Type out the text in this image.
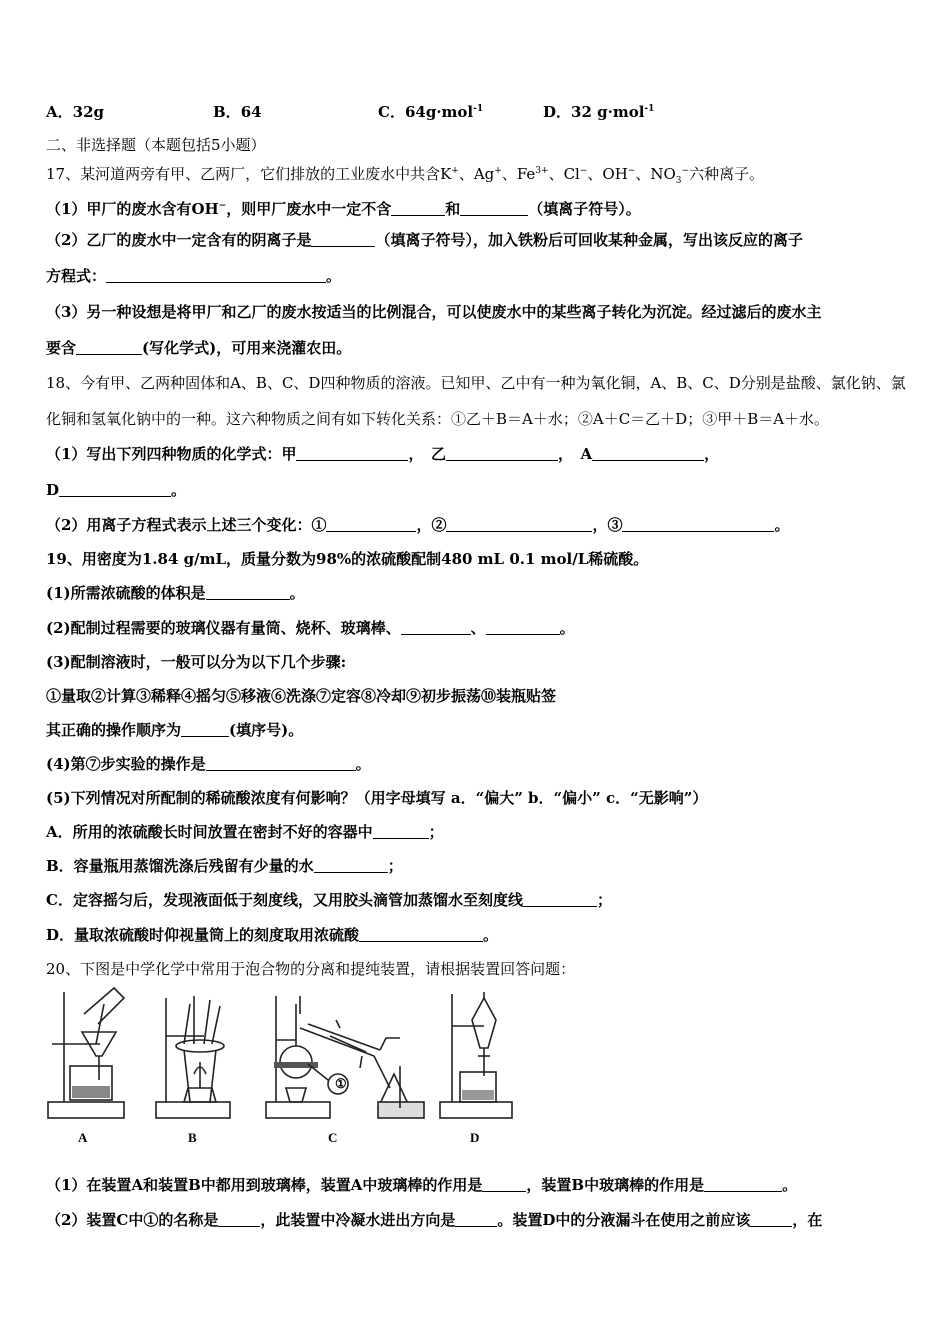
A．32g	B．64	C．64g·mol$^{-1}$	D．32 g·mol$^{-1}$
二、非选择题（本题包括5小题）
17、某河道两旁有甲、乙两厂，它们排放的工业废水中共含K+、Ag+、$Fe^{3+}$、Cl−、OH−、$NO_3^-$六种离子。
（1）甲厂的废水含有OH−，则甲厂废水中一定不含	和	（填离子符号）。
（2）乙厂的废水中一定含有的阴离子是	（填离子符号），加入铁粉后可回收某种金属，写出该反应的离子
方程式：	。
（3）另一种设想是将甲厂和乙厂的废水按适当的比例混合，可以使废水中的某些离子转化为沉淀。经过滤后的废水主
要含	(写化学式)，可用来浇灌农田。
18、今有甲、乙两种固体和A、B、C、D四种物质的溶液。已知甲、乙中有一种为氧化铜，A、B、C、D分别是盐酸、氯化钠、氯
化铜和氢氧化钠中的一种。这六种物质之间有如下转化关系：①乙＋B＝A＋水；②A＋C＝乙＋D；③甲＋B＝A＋水。
（1）写出下列四种物质的化学式：甲	，　乙	，　A	，
D	。
（2）用离子方程式表示上述三个变化：①	，②	，③	。
19、用密度为1.84 g/mL，质量分数为98%的浓硫酸配制480 mL 0.1 mol/L稀硫酸。
(1)所需浓硫酸的体积是	。
(2)配制过程需要的玻璃仪器有量筒、烧杯、玻璃棒、	、	。
(3)配制溶液时，一般可以分为以下几个步骤:
①量取②计算③稀释④摇匀⑤移液⑥洗涤⑦定容⑧冷却⑨初步振荡⑩装瓶贴签
其正确的操作顺序为	(填序号)。
(4)第⑦步实验的操作是	。
(5)下列情况对所配制的稀硫酸浓度有何影响？（用字母填写 a．“偏大” b．“偏小” c．“无影响”）
A．所用的浓硫酸长时间放置在密封不好的容器中	；
B．容量瓶用蒸馏洗涤后残留有少量的水	；
C．定容摇匀后，发现液面低于刻度线，又用胶头滴管加蒸馏水至刻度线	；
D．量取浓硫酸时仰视量筒上的刻度取用浓硫酸	。
20、下图是中学化学中常用于泡合物的分离和提纯装置，请根据装置回答问题：
①
A	B	C	D
（1）在装置A和装置B中都用到玻璃棒，装置A中玻璃棒的作用是	，装置B中玻璃棒的作用是	。
（2）装置C中①的名称是	，此装置中冷凝水进出方向是	。装置D中的分液漏斗在使用之前应该	，在
